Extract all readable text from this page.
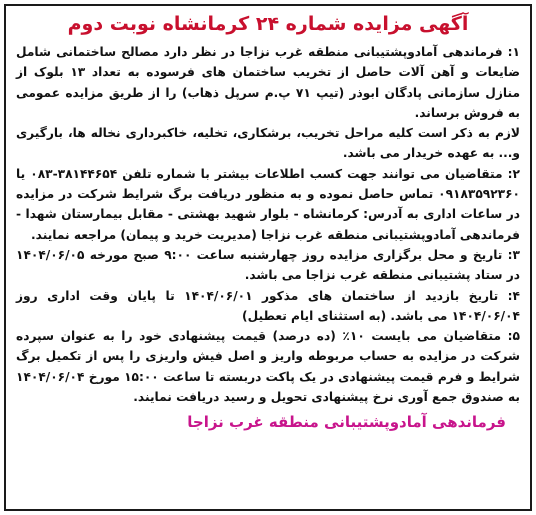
آگهی مزایده شماره ۲۴ کرمانشاه نوبت دوم

۱: فرماندهی آمادوپشتیبانی منطقه غرب نزاجا در نظر دارد مصالح ساختمانی شامل ضایعات و آهن آلات حاصل از تخریب ساختمان های فرسوده به تعداد ۱۳ بلوک از منازل سازمانی پادگان ابوذر (تیپ ۷۱ پ.م سرپل ذهاب) را از طریق مزایده عمومی به فروش برساند.

لازم به ذکر است کلیه مراحل تخریب، برشکاری، تخلیه، خاکبرداری نخاله ها، بارگیری و... به عهده خریدار می باشد.

۲: متقاضیان می توانند جهت کسب اطلاعات بیشتر با شماره تلفن ۳۸۱۴۴۶۵۴-۰۸۳ یا ۰۹۱۸۳۵۹۲۳۶۰ تماس حاصل نموده و به منظور دریافت برگ شرایط شرکت در مزایده در ساعات اداری به آدرس: کرمانشاه - بلوار شهید بهشتی - مقابل بیمارستان شهدا - فرماندهی آمادوپشتیبانی منطقه غرب نزاجا (مدیریت خرید و پیمان) مراجعه نمایند.

۳: تاریخ و محل برگزاری مزایده روز چهارشنبه ساعت ۹:۰۰ صبح مورخه ۱۴۰۴/۰۶/۰۵ در ستاد پشتیبانی منطقه غرب نزاجا می باشد.

۴: تاریخ بازدید از ساختمان های مذکور ۱۴۰۴/۰۶/۰۱ تا پایان وقت اداری روز ۱۴۰۴/۰۶/۰۴ می باشد. (به استثنای ایام تعطیل)

۵: متقاضیان می بایست ۱۰٪ (ده درصد) قیمت پیشنهادی خود را به عنوان سپرده شرکت در مزایده به حساب مربوطه واریز و اصل فیش واریزی را پس از تکمیل برگ شرایط و فرم قیمت پیشنهادی در یک پاکت دربسته تا ساعت ۱۵:۰۰ مورخ ۱۴۰۴/۰۶/۰۴ به صندوق جمع آوری نرخ پیشنهادی تحویل و رسید دریافت نمایند.

فرماندهی آمادوپشتیبانی منطقه غرب نزاجا
